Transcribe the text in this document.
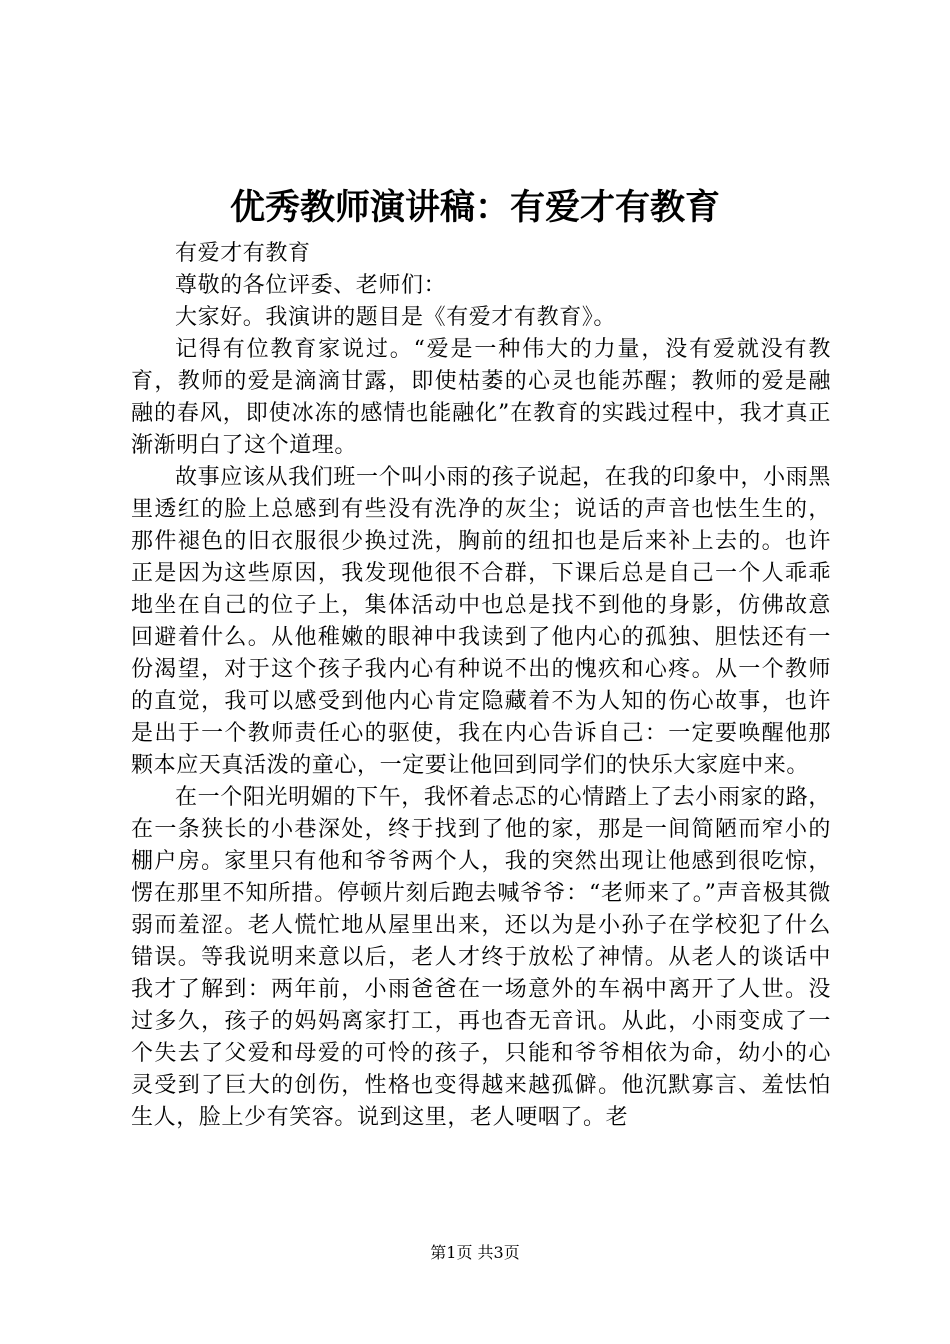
优秀教师演讲稿：有爱才有教育

有爱才有教育

尊敬的各位评委、老师们：

大家好。我演讲的题目是《有爱才有教育》。

记得有位教育家说过。“爱是一种伟大的力量，没有爱就没有教育，教师的爱是滴滴甘露，即使枯萎的心灵也能苏醒；教师的爱是融融的春风，即使冰冻的感情也能融化”在教育的实践过程中，我才真正渐渐明白了这个道理。

故事应该从我们班一个叫小雨的孩子说起，在我的印象中，小雨黑里透红的脸上总感到有些没有洗净的灰尘；说话的声音也怯生生的，那件褪色的旧衣服很少换过洗，胸前的纽扣也是后来补上去的。也许正是因为这些原因，我发现他很不合群，下课后总是自己一个人乖乖地坐在自己的位子上，集体活动中也总是找不到他的身影，仿佛故意回避着什么。从他稚嫩的眼神中我读到了他内心的孤独、胆怯还有一份渴望，对于这个孩子我内心有种说不出的愧疚和心疼。从一个教师的直觉，我可以感受到他内心肯定隐藏着不为人知的伤心故事，也许是出于一个教师责任心的驱使，我在内心告诉自己：一定要唤醒他那颗本应天真活泼的童心，一定要让他回到同学们的快乐大家庭中来。

在一个阳光明媚的下午，我怀着忐忑的心情踏上了去小雨家的路，在一条狭长的小巷深处，终于找到了他的家，那是一间简陋而窄小的棚户房。家里只有他和爷爷两个人，我的突然出现让他感到很吃惊，愣在那里不知所措。停顿片刻后跑去喊爷爷：“老师来了。”声音极其微弱而羞涩。老人慌忙地从屋里出来，还以为是小孙子在学校犯了什么错误。等我说明来意以后，老人才终于放松了神情。从老人的谈话中我才了解到：两年前，小雨爸爸在一场意外的车祸中离开了人世。没过多久，孩子的妈妈离家打工，再也杳无音讯。从此，小雨变成了一个失去了父爱和母爱的可怜的孩子，只能和爷爷相依为命，幼小的心灵受到了巨大的创伤，性格也变得越来越孤僻。他沉默寡言、羞怯怕生人，脸上少有笑容。说到这里，老人哽咽了。老

第1页 共3页
